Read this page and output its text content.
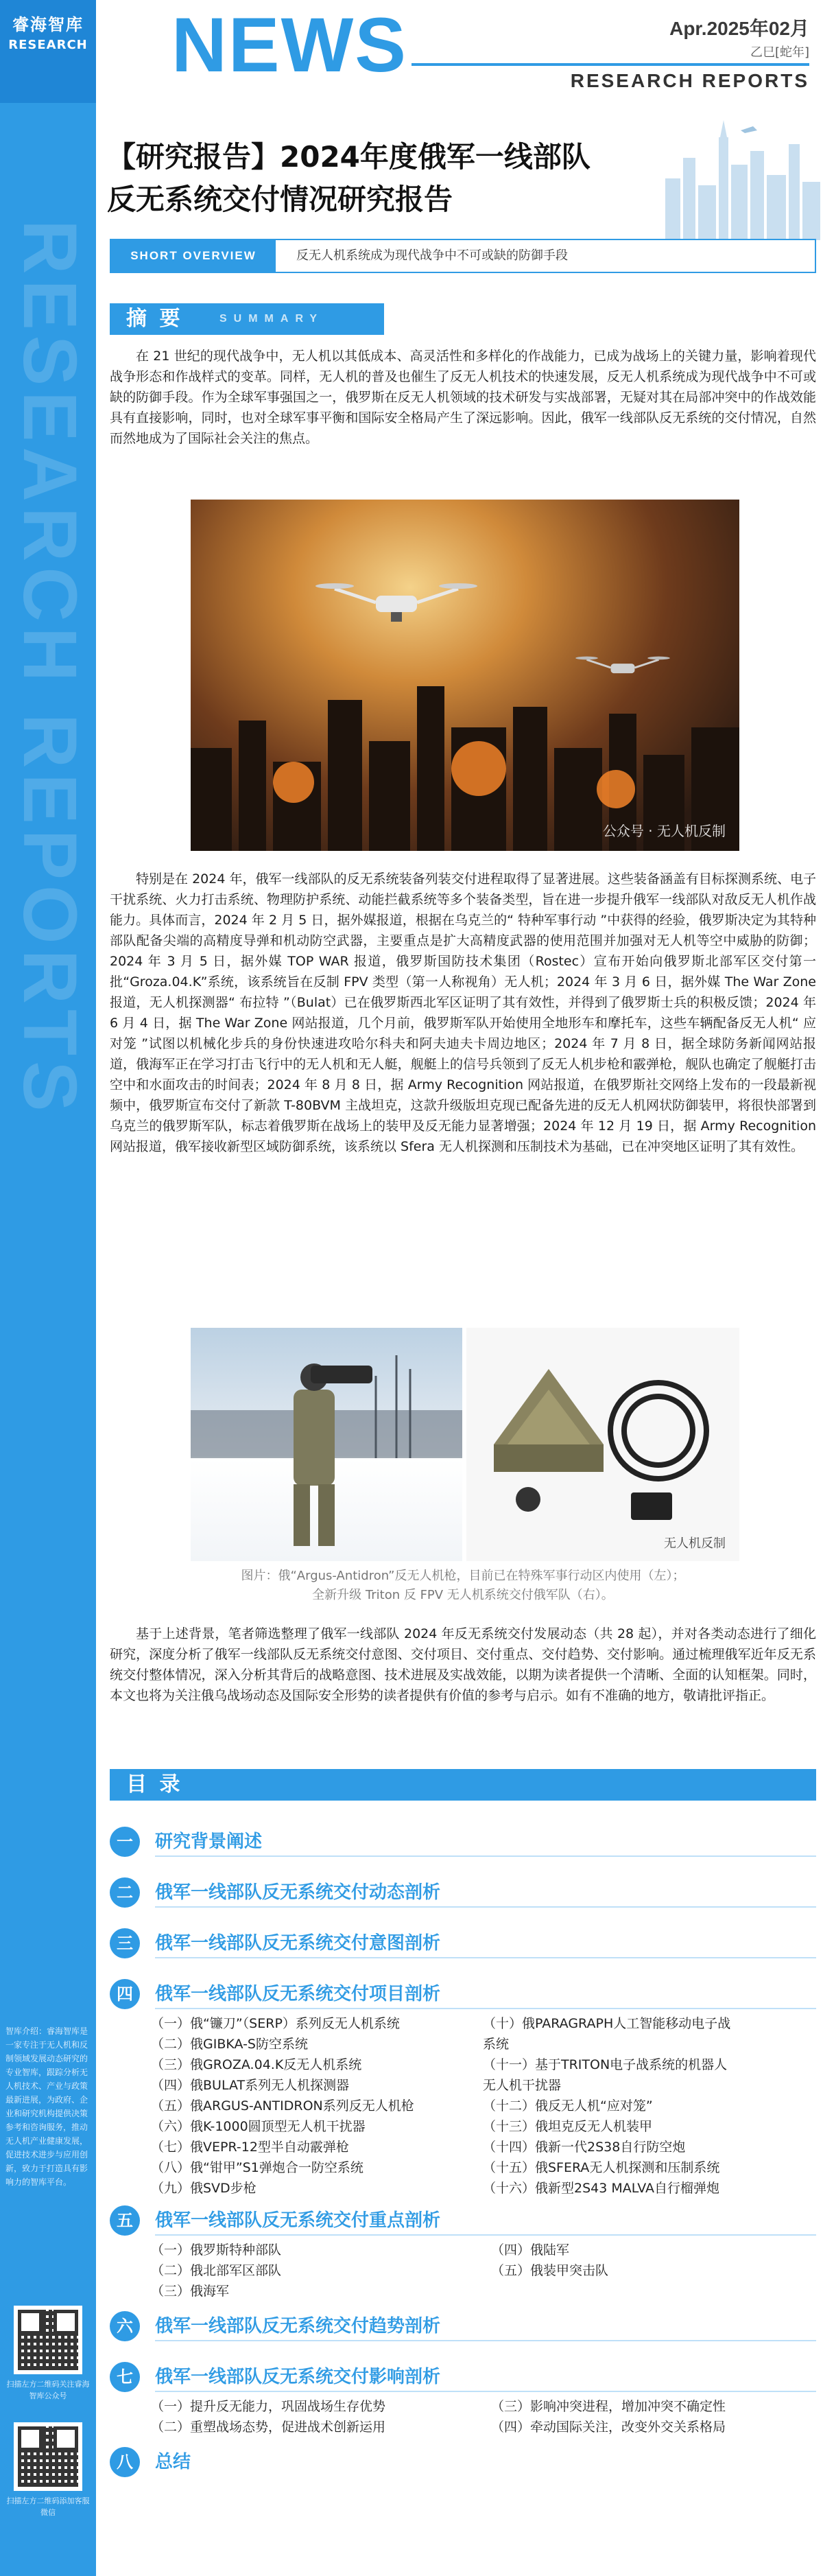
睿海智库
RESEARCH
RESEARCH REPORTS
智库介绍：睿海智库是一家专注于无人机和反制领域发展动态研究的专业智库，跟踪分析无人机技术、产业与政策最新进展，为政府、企业和研究机构提供决策参考和咨询服务，推动无人机产业健康发展，促进技术进步与应用创新，致力于打造具有影响力的智库平台。
扫描左方二维码关注睿海智库公众号
扫描左方二维码添加客服微信
NEWS	Apr.2025年02月
乙巳[蛇年]
RESEARCH REPORTS
【研究报告】2024年度俄军一线部队
反无系统交付情况研究报告
SHORT OVERVIEW	反无人机系统成为现代战争中不可或缺的防御手段
摘 要	SUMMARY
在 21 世纪的现代战争中，无人机以其低成本、高灵活性和多样化的作战能力，已成为战场上的关键力量，影响着现代战争形态和作战样式的变革。同样，无人机的普及也催生了反无人机技术的快速发展，反无人机系统成为现代战争中不可或缺的防御手段。作为全球军事强国之一，俄罗斯在反无人机领域的技术研发与实战部署，无疑对其在局部冲突中的作战效能具有直接影响，同时，也对全球军事平衡和国际安全格局产生了深远影响。因此，俄军一线部队反无系统的交付情况，自然而然地成为了国际社会关注的焦点。
公众号 · 无人机反制
特别是在 2024 年，俄军一线部队的反无系统装备列装交付进程取得了显著进展。这些装备涵盖有目标探测系统、电子干扰系统、火力打击系统、物理防护系统、动能拦截系统等多个装备类型，旨在进一步提升俄军一线部队对敌反无人机作战能力。具体而言，2024 年 2 月 5 日，据外媒报道，根据在乌克兰的“ 特种军事行动 ”中获得的经验，俄罗斯决定为其特种部队配备尖端的高精度导弹和机动防空武器，主要重点是扩大高精度武器的使用范围并加强对无人机等空中威胁的防御；2024 年 3 月 5 日，据外媒 TOP WAR 报道，俄罗斯国防技术集团（Rostec）宣布开始向俄罗斯北部军区交付第一批“Groza.04.K”系统，该系统旨在反制 FPV 类型（第一人称视角）无人机；2024 年 3 月 6 日，据外媒 The War Zone 报道，无人机探测器“ 布拉特 ”（Bulat）已在俄罗斯西北军区证明了其有效性，并得到了俄罗斯士兵的积极反馈；2024 年 6 月 4 日，据 The War Zone 网站报道，几个月前，俄罗斯军队开始使用全地形车和摩托车，这些车辆配备反无人机“ 应对笼 ”试图以机械化步兵的身份快速进攻哈尔科夫和阿夫迪夫卡周边地区；2024 年 7 月 8 日，据全球防务新闻网站报道，俄海军正在学习打击飞行中的无人机和无人艇，舰艇上的信号兵领到了反无人机步枪和霰弹枪，舰队也确定了舰艇打击空中和水面攻击的时间表；2024 年 8 月 8 日，据 Army Recognition 网站报道，在俄罗斯社交网络上发布的一段最新视频中，俄罗斯宣布交付了新款 T-80BVM 主战坦克，这款升级版坦克现已配备先进的反无人机网状防御装甲，将很快部署到乌克兰的俄罗斯军队，标志着俄罗斯在战场上的装甲及反无能力显著增强；2024 年 12 月 19 日，据 Army Recognition 网站报道，俄军接收新型区域防御系统，该系统以 Sfera 无人机探测和压制技术为基础，已在冲突地区证明了其有效性。
无人机反制
图片：俄“Argus-Antidron”反无人机枪，目前已在特殊军事行动区内使用（左）；
全新升级 Triton 反 FPV 无人机系统交付俄军队（右）。
基于上述背景，笔者筛选整理了俄军一线部队 2024 年反无系统交付发展动态（共 28 起），并对各类动态进行了细化研究，深度分析了俄军一线部队反无系统交付意图、交付项目、交付重点、交付趋势、交付影响。通过梳理俄军近年反无系统交付整体情况，深入分析其背后的战略意图、技术进展及实战效能，以期为读者提供一个清晰、全面的认知框架。同时，本文也将为关注俄乌战场动态及国际安全形势的读者提供有价值的参考与启示。如有不准确的地方，敬请批评指正。
目 录
一	研究背景阐述
二	俄军一线部队反无系统交付动态剖析
三	俄军一线部队反无系统交付意图剖析
四	俄军一线部队反无系统交付项目剖析
（一）俄“镰刀”（SERP）系列反无人机系统
（二）俄GIBKA-S防空系统
（三）俄GROZA.04.K反无人机系统
（四）俄BULAT系列无人机探测器
（五）俄ARGUS-ANTIDRON系列反无人机枪
（六）俄K-1000圆顶型无人机干扰器
（七）俄VEPR-12型半自动霰弹枪
（八）俄“钳甲”S1弹炮合一防空系统
（九）俄SVD步枪
（十）俄PARAGRAPH人工智能移动电子战
系统
（十一）基于TRITON电子战系统的机器人
无人机干扰器
（十二）俄反无人机“应对笼”
（十三）俄坦克反无人机装甲
（十四）俄新一代2S38自行防空炮
（十五）俄SFERA无人机探测和压制系统
（十六）俄新型2S43 MALVA自行榴弹炮
五	俄军一线部队反无系统交付重点剖析
（一）俄罗斯特种部队
（二）俄北部军区部队
（三）俄海军
（四）俄陆军
（五）俄装甲突击队
六	俄军一线部队反无系统交付趋势剖析
七	俄军一线部队反无系统交付影响剖析
（一）提升反无能力，巩固战场生存优势
（二）重塑战场态势，促进战术创新运用
（三）影响冲突进程，增加冲突不确定性
（四）牵动国际关注，改变外交关系格局
八	总结
